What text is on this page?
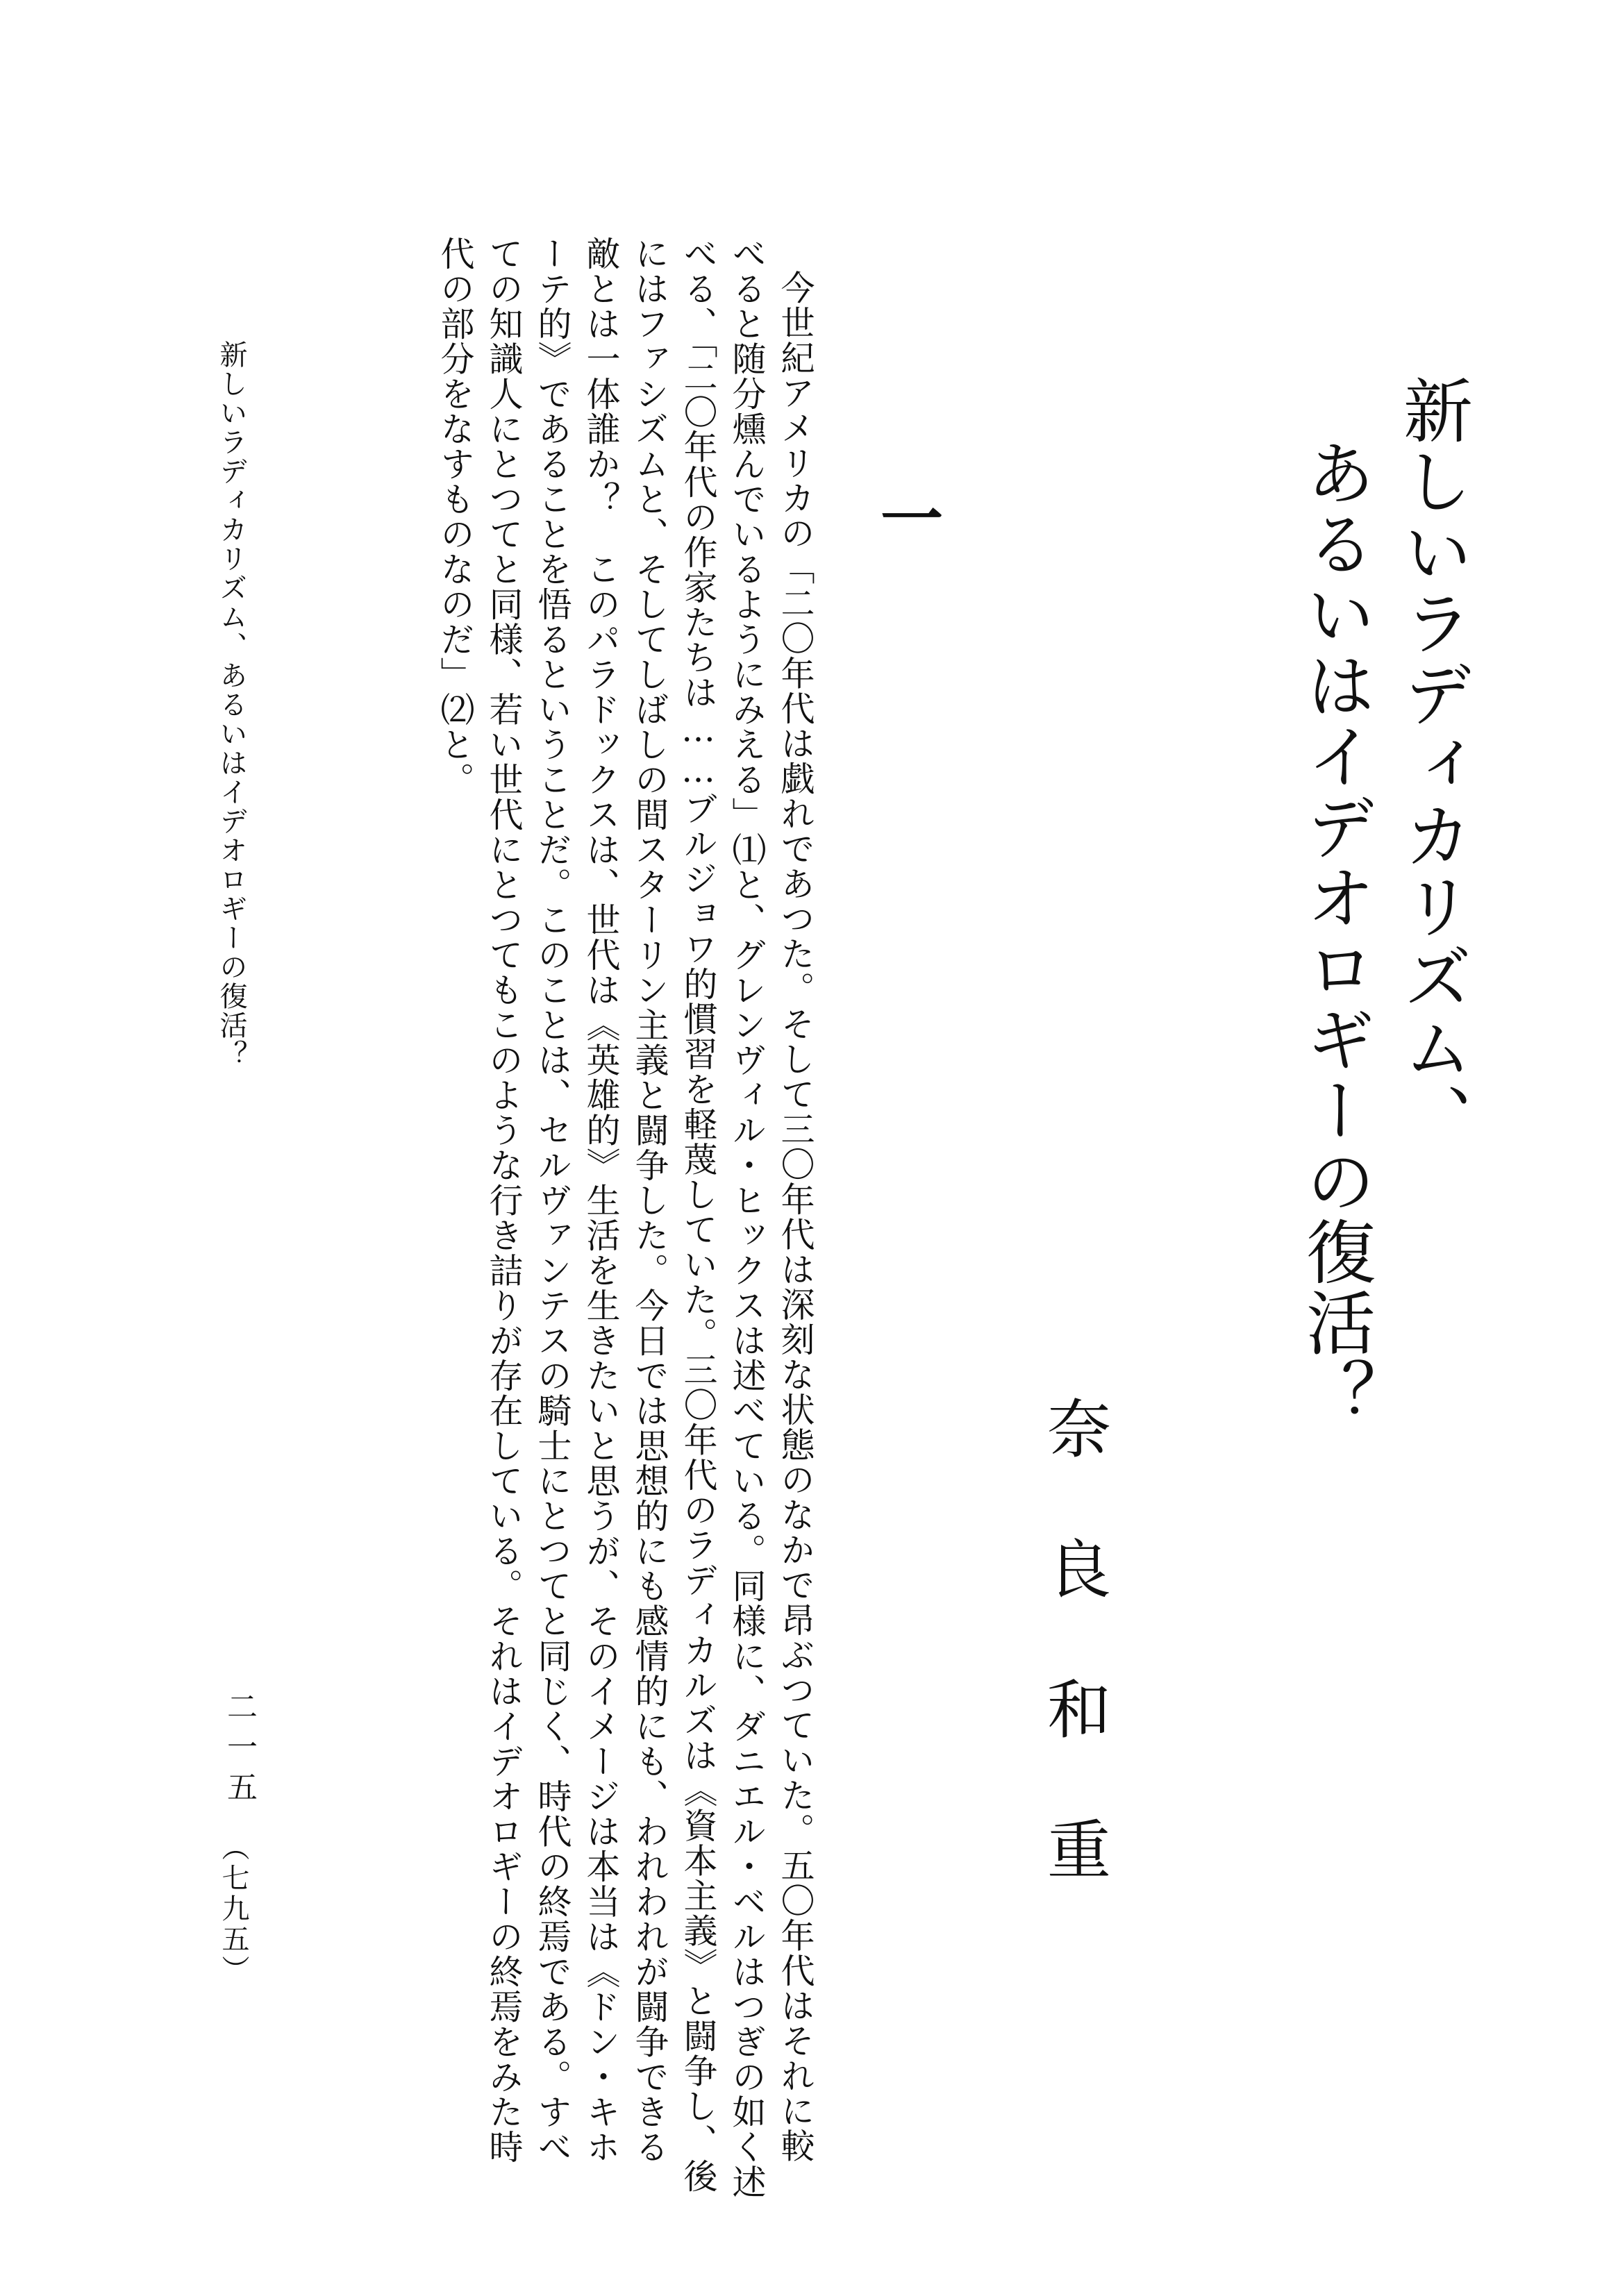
新しいラディカリズム、
あるいはイデオロギーの復活？
奈良和重
一
今世紀アメリカの「二〇年代は戯れであつた。そして三〇年代は深刻な状態のなかで昂ぶつていた。五〇年代はそれに較
べると随分燻んでいるようにみえる」⑴と、グレンヴィル・ヒックスは述べている。同様に、ダニエル・ベルはつぎの如く述
べる、「二〇年代の作家たちは……ブルジョワ的慣習を軽蔑していた。三〇年代のラディカルズは《資本主義》と闘争し、後
にはファシズムと、そしてしばしの間スターリン主義と闘争した。今日では思想的にも感情的にも、われわれが闘争できる
敵とは一体誰か？　このパラドックスは、世代は《英雄的》生活を生きたいと思うが、そのイメージは本当は《ドン・キホ
ーテ的》であることを悟るということだ。このことは、セルヴァンテスの騎士にとつてと同じく、時代の終焉である。すべ
ての知識人にとつてと同様、若い世代にとつてもこのような行き詰りが存在している。それはイデオロギーの終焉をみた時
代の部分をなすものなのだ」⑵と。
新しいラディカリズム、あるいはイデオロギーの復活？
二一五
（七九五）
